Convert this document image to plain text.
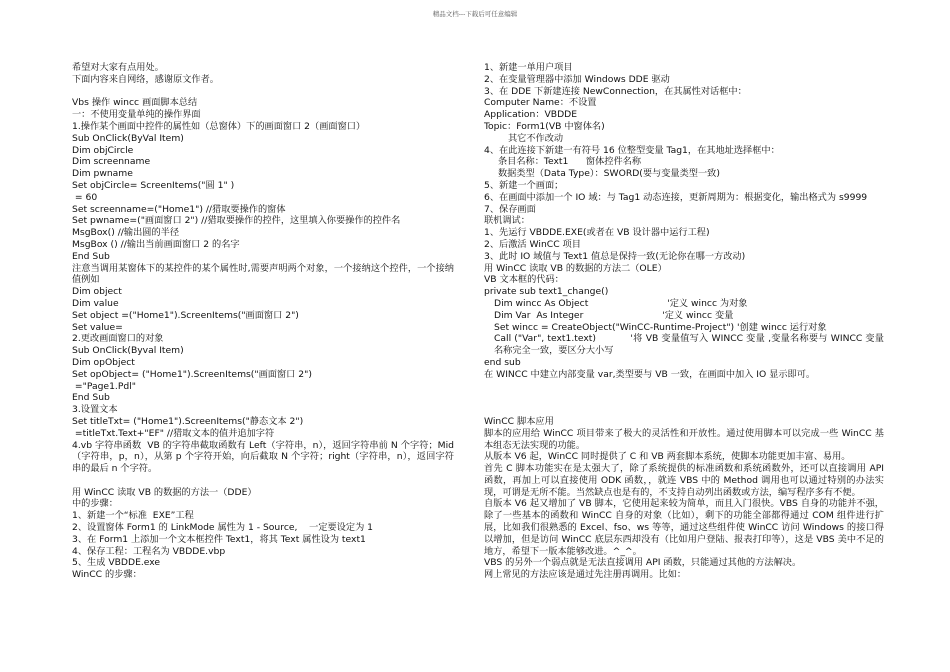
精品文档---下载后可任意编辑
希望对大家有点用处。
下面内容来自网络，感谢原文作者。
Vbs 操作 wincc 画面脚本总结
一：不使用变量单纯的操作界面
1.操作某个画面中控件的属性如（总窗体）下的画面窗口 2（画面窗口）
Sub OnClick(ByVal Item)
Dim objCircle
Dim screenname
Dim pwname
Set objCircle= ScreenItems("圆 1" )
= 60
Set screenname=("Home1") //猎取要操作的窗体
Set pwname=("画面窗口 2") //猎取要操作的控件，这里填入你要操作的控件名
MsgBox() //输出圆的半径
MsgBox () //输出当前画面窗口 2 的名字
End Sub
注意当调用某窗体下的某控件的某个属性时,需要声明两个对象，一个接纳这个控件，一个接纳值例如
Dim object
Dim value
Set object =("Home1").ScreenItems("画面窗口 2")
Set value=
2.更改画面窗口的对象
Sub OnClick(Byval Item)
Dim opObject
Set opObject= ("Home1").ScreenItems("画面窗口 2")
="Page1.Pdl"
End Sub
3.设置文本
Set titleTxt= ("Home1").ScreenItems("静态文本 2")
=titleTxt.Text+"EF" //猎取文本的值并追加字符
4.vb 字符串函数  VB 的字符串截取函数有 Left（字符串，n），返回字符串前 N 个字符；Mid（字符串，p，n），从第 p 个字符开始，向后截取 N 个字符；right（字符串，n），返回字符串的最后 n 个字符。
用 WinCC 读取 VB 的数据的方法一（DDE）
中的步骤：
1、新建一个“标准  EXE”工程
2、设置窗体 Form1 的 LinkMode 属性为 1 - Source,    一定要设定为 1
3、在 Form1 上添加一个文本框控件 Text1，将其 Text 属性设为 text1
4、保存工程：工程名为 VBDDE.vbp
5、生成 VBDDE.exe
WinCC 的步骤：
1、新建一单用户项目
2、在变量管理器中添加 Windows DDE 驱动
3、在 DDE 下新建连接 NewConnection，在其属性对话框中：
Computer Name：不设置
Application：VBDDE
Topic：Form1(VB 中窗体名)
其它不作改动
4、在此连接下新建一有符号 16 位整型变量 Tag1，在其地址选择框中：
条目名称：Text1      窗体控件名称
数据类型（Data Type）：SWORD(要与变量类型一致)
5、新建一个画面；
6、在画面中添加一个 IO 域：与 Tag1 动态连接，更新周期为：根据变化，输出格式为 s9999
7、保存画面
联机调试：
1、先运行 VBDDE.EXE(或者在 VB 设计器中运行工程)
2、后激活 WinCC 项目
3、此时 IO 域值与 Text1 值总是保持一致(无论你在哪一方改动)
用 WinCC 读取 VB 的数据的方法二（OLE）
VB 文本框的代码：
private sub text1_change()
Dim wincc As Object                           '定义 wincc 为对象
Dim Var  As Integer                           '定义 wincc 变量
Set wincc = CreateObject("WinCC-Runtime-Project") '创建 wincc 运行对象
Call ("Var", text1.text)           '将 VB 变量值写入 WINCC 变量 ,变量名称要与 WINCC 变量名称完全一致，要区分大小写
end sub
在 WINCC 中建立内部变量 var,类型要与 VB 一致，在画面中加入 IO 显示即可。
WinCC 脚本应用
脚本的应用给 WinCC 项目带来了极大的灵活性和开放性。通过使用脚本可以完成一些 WinCC 基本组态无法实现的功能。
从版本 V6 起，WinCC 同时提供了 C 和 VB 两套脚本系统，使脚本功能更加丰富、易用。
首先 C 脚本功能实在是太强大了，除了系统提供的标准函数和系统函数外，还可以直接调用 API 函数，再加上可以直接使用 ODK 函数，，就连 VBS 中的 Method 调用也可以通过特别的办法实现，可谓是无所不能。当然缺点也是有的，不支持自动列出函数或方法，编写程序多有不便。
自版本 V6 起又增加了 VB 脚本，它使用起来较为简单，而且入门很快。VBS 自身的功能并不强，除了一些基本的函数和 WinCC 自身的对象（比如），剩下的功能全部都得通过 COM 组件进行扩展，比如我们很熟悉的 Excel、fso、ws 等等，通过这些组件使 WinCC 访问 Windows 的接口得以增加，但是访问 WinCC 底层东西却没有（比如用户登陆、报表打印等），这是 VBS 美中不足的地方，希望下一版本能够改进。^_^。
VBS 的另外一个弱点就是无法直接调用 API 函数，只能通过其他的方法解决。
网上常见的方法应该是通过先注册再调用。比如：
